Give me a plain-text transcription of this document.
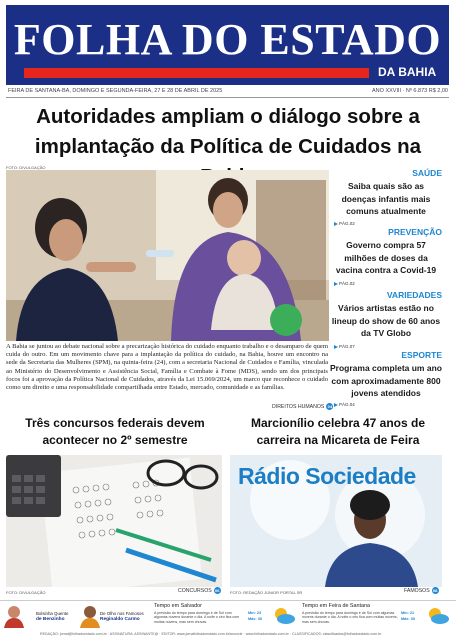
FOLHA DO ESTADO
DA BAHIA
FEIRA DE SANTANA-BA, DOMINGO E SEGUNDA-FEIRA, 27 E 28 DE ABRIL DE 2025	ANO XXVIII · Nº 6.873 R$ 2,00
Autoridades ampliam o diálogo sobre a implantação da Política de Cuidados na
FOTO: DIVULGAÇÃO
A Bahia se juntou ao debate nacional sobre a precarização histórica do cuidado enquanto trabalho e o desamparo de quem cuida do outro. Em um movimento chave para a implantação da política do cuidado, na Bahia, houve um encontro na sede da Secretaria das Mulheres (SPM), na quinta-feira (24), com a secretaria Nacional de Cuidados e Família, vinculada ao Ministério do Desenvolvimento e Assistência Social, Família e Combate à Fome (MDS), sendo um dos principais focos foi a aprovação da Política Nacional de Cuidados, através da Lei 15.069/2024, um marco que reconhece o cuidado como um direito e uma responsabilidade compartilhada entre Estado, mercado, comunidade e as famílias.
DIREITOS HUMANOS 04
SAÚDE
Saiba quais são as doenças infantis mais comuns atualmente
PÁG.02
PREVENÇÃO
Governo compra 57 milhões de doses da vacina contra a Covid-19
PÁG.02
VARIEDADES
Vários artistas estão no lineup do show de 60 anos da TV Globo
PÁG.07
ESPORTE
Programa completa um ano com aproximadamente 800 jovens atendidos
PÁG.04
Três concursos federais devem acontecer no 2º semestre
Marcionílio celebra 47 anos de carreira na Micareta de Feira
Rádio Sociedade
FOTO: DIVULGAÇÃO	FOTO: REDAÇÃO JÚNIOR PORTAL SR
CONCURSOS 06	FAMOSOS 08
Bolsinha Quente
de Benzinho
De Olho nos Famosos
Reginaldo Carmo
Tempo em Salvador
A previsão do tempo para domingo é de Sol com algumas nuvens durante o dia. A noite o céu fica com muitas nuvens, mas sem chuvas.
Mín: 23
Máx: 30
Tempo em Feira de Santana
A previsão do tempo para domingo é de Sol com algumas nuvens durante o dia. A noite o céu fica com muitas nuvens, mas sem chuvas.
Mín: 21
Máx: 30
REDAÇÃO: jornal@folhadoestado.com.br · ASSINATURA: ASSINANTE@ · EDITOR: www.jornalfolhadoestado.com.br/anuncie · www.folhadoestado.com.br · CLASSIFICADOS: classificados@folhadoestado.com.br
